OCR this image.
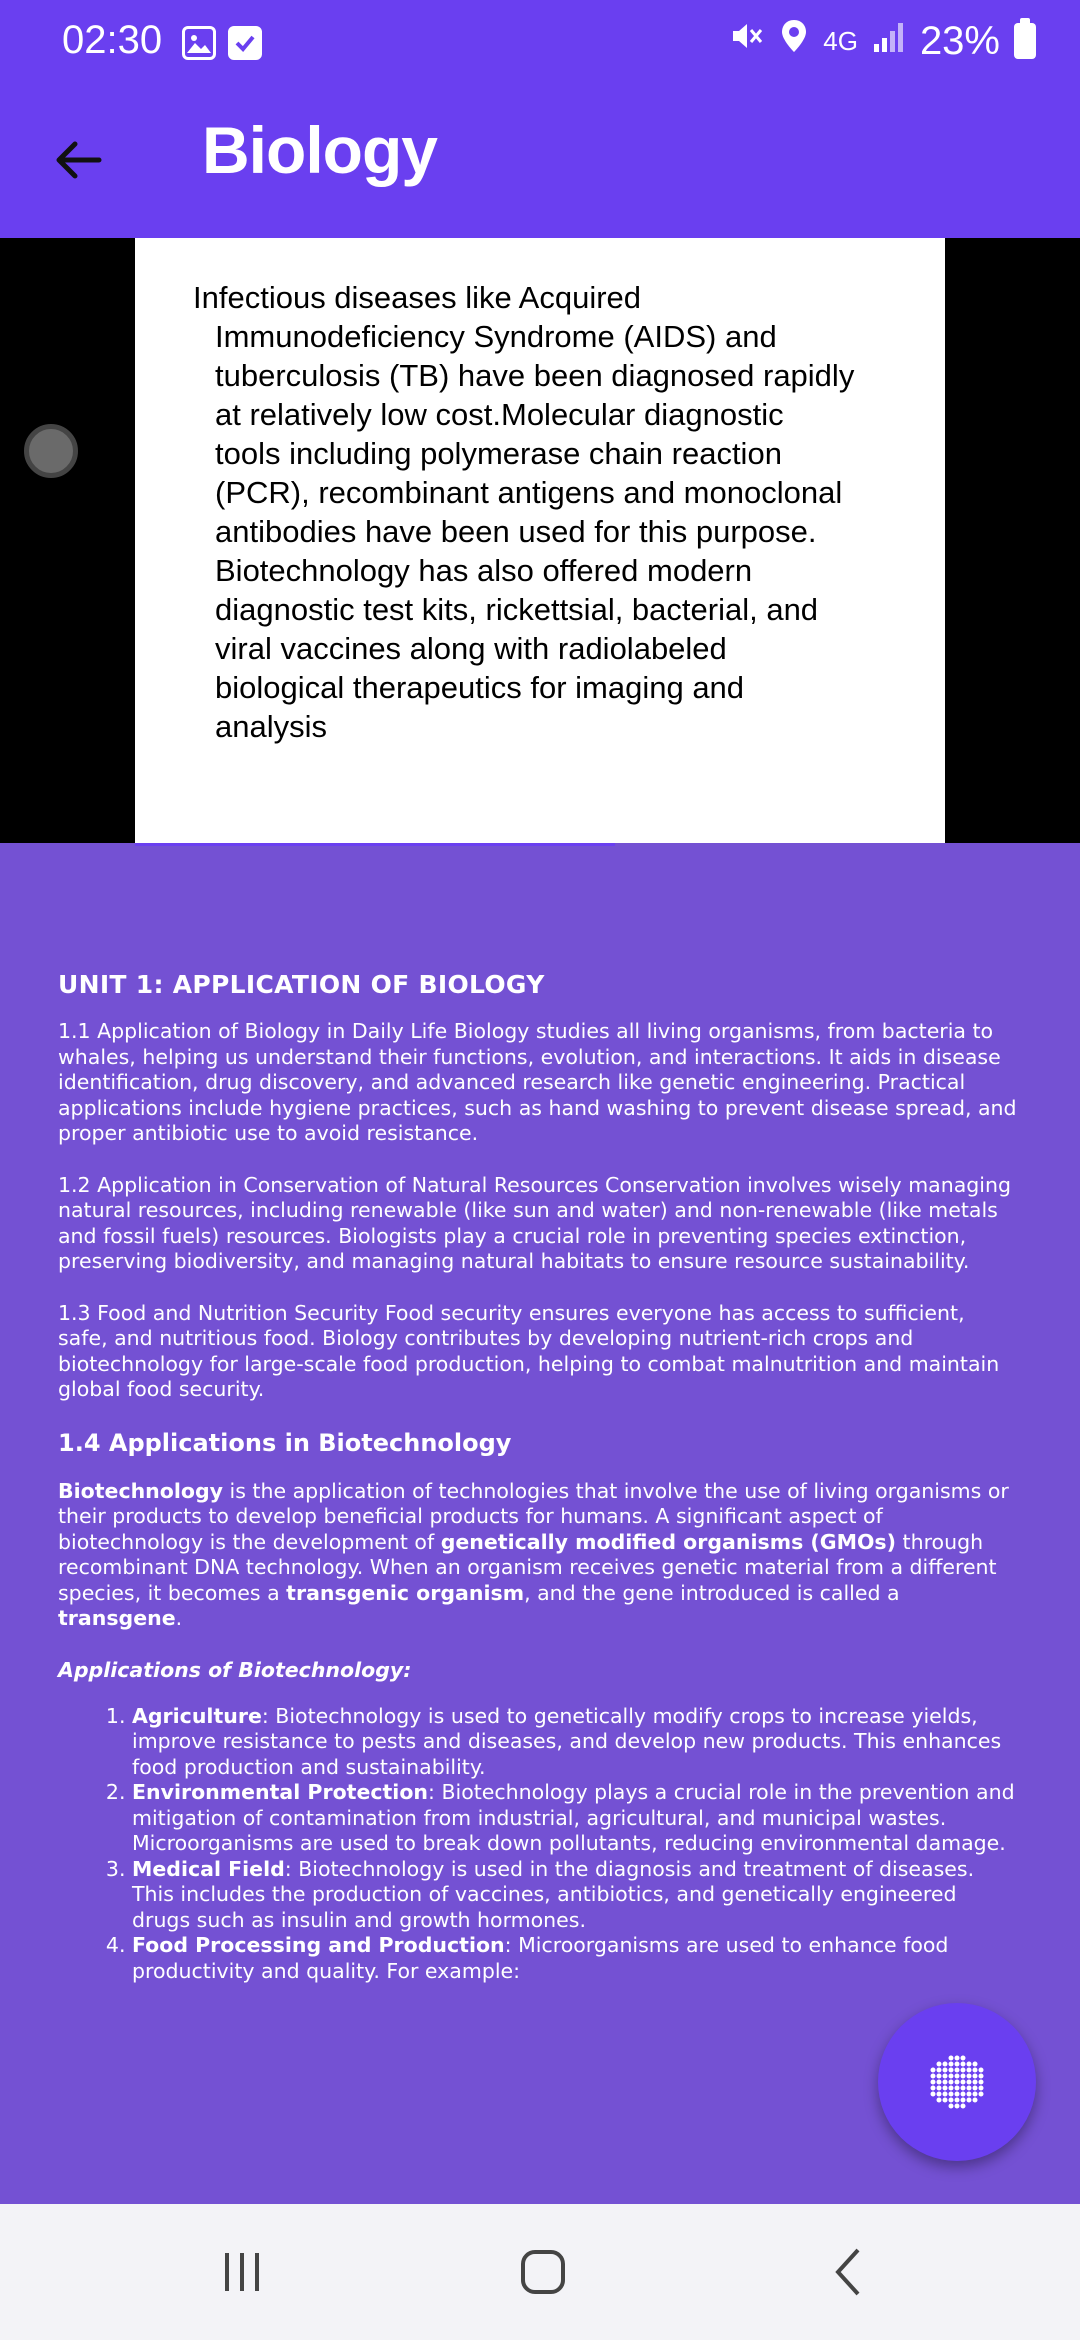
02:30	4G 23%
Biology
Infectious diseases like Acquired
Immunodeficiency Syndrome (AIDS) and
tuberculosis (TB) have been diagnosed rapidly
at relatively low cost.Molecular diagnostic
tools including polymerase chain reaction
(PCR), recombinant antigens and monoclonal
antibodies have been used for this purpose.
Biotechnology has also offered modern
diagnostic test kits, rickettsial, bacterial, and
viral vaccines along with radiolabeled
biological therapeutics for imaging and
analysis
UNIT 1: APPLICATION OF BIOLOGY

1.1 Application of Biology in Daily Life Biology studies all living organisms, from bacteria to whales, helping us understand their functions, evolution, and interactions. It aids in disease identification, drug discovery, and advanced research like genetic engineering. Practical applications include hygiene practices, such as hand washing to prevent disease spread, and proper antibiotic use to avoid resistance.

1.2 Application in Conservation of Natural Resources Conservation involves wisely managing natural resources, including renewable (like sun and water) and non-renewable (like metals and fossil fuels) resources. Biologists play a crucial role in preventing species extinction, preserving biodiversity, and managing natural habitats to ensure resource sustainability.

1.3 Food and Nutrition Security Food security ensures everyone has access to sufficient, safe, and nutritious food. Biology contributes by developing nutrient-rich crops and biotechnology for large-scale food production, helping to combat malnutrition and maintain global food security.

1.4 Applications in Biotechnology

Biotechnology is the application of technologies that involve the use of living organisms or their products to develop beneficial products for humans. A significant aspect of biotechnology is the development of genetically modified organisms (GMOs) through recombinant DNA technology. When an organism receives genetic material from a different species, it becomes a transgenic organism, and the gene introduced is called a transgene.

Applications of Biotechnology:
1. Agriculture: Biotechnology is used to genetically modify crops to increase yields, improve resistance to pests and diseases, and develop new products. This enhances food production and sustainability.
2. Environmental Protection: Biotechnology plays a crucial role in the prevention and mitigation of contamination from industrial, agricultural, and municipal wastes. Microorganisms are used to break down pollutants, reducing environmental damage.
3. Medical Field: Biotechnology is used in the diagnosis and treatment of diseases. This includes the production of vaccines, antibiotics, and genetically engineered drugs such as insulin and growth hormones.
4. Food Processing and Production: Microorganisms are used to enhance food productivity and quality. For example:
